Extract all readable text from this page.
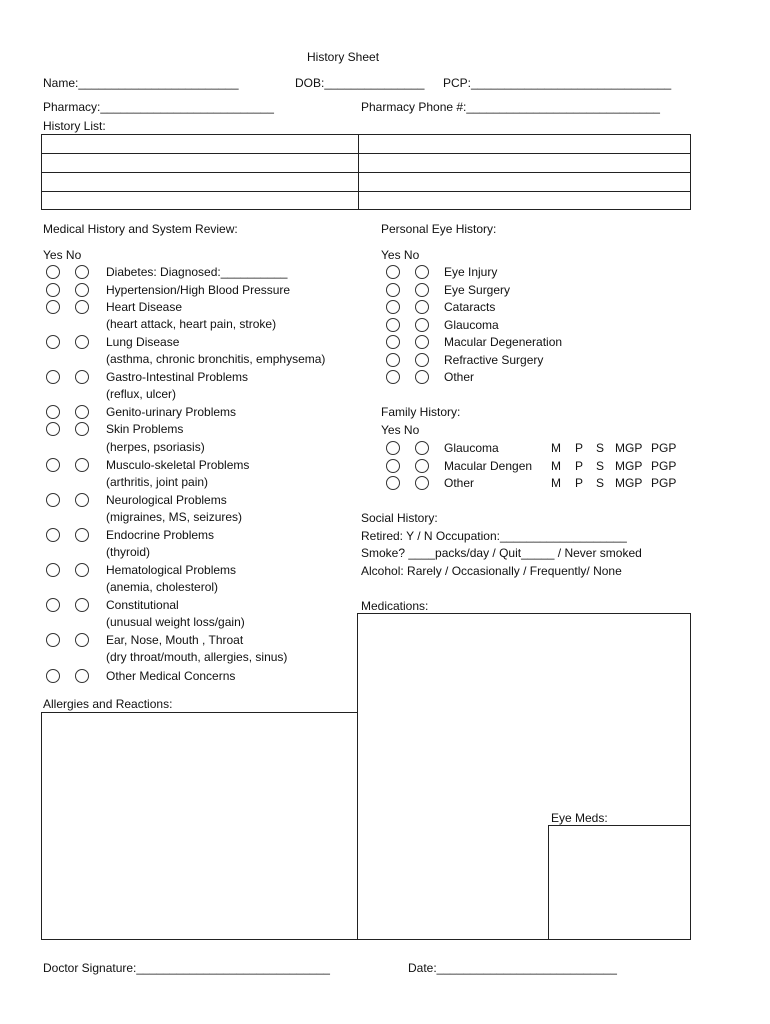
History Sheet
Name:________________________	DOB:_______________ PCP:______________________________
Pharmacy:__________________________	Pharmacy Phone #:_____________________________
History List:
Medical History and System Review:
Yes No
Diabetes: Diagnosed:__________
Hypertension/High Blood Pressure
Heart Disease
(heart attack, heart pain, stroke)
Lung Disease
(asthma, chronic bronchitis, emphysema)
Gastro-Intestinal Problems
(reflux, ulcer)
Genito-urinary Problems
Skin Problems
(herpes, psoriasis)
Musculo-skeletal Problems
(arthritis, joint pain)
Neurological Problems
(migraines, MS, seizures)
Endocrine Problems
(thyroid)
Hematological Problems
(anemia, cholesterol)
Constitutional
(unusual weight loss/gain)
Ear, Nose, Mouth , Throat
(dry throat/mouth, allergies, sinus)
Other Medical Concerns
Personal Eye History:
Yes No
Eye Injury
Eye Surgery
Cataracts
Glaucoma
Macular Degeneration
Refractive Surgery
Other
Family History:
Yes No
Glaucoma	M P S MGP PGP
Macular Dengen M P S MGP PGP
Other	M P S MGP PGP
Social History:
Retired: Y / N Occupation:___________________
Smoke? ____packs/day / Quit_____ / Never smoked
Alcohol: Rarely / Occasionally / Frequently/ None
Medications:
Eye Meds:
Allergies and Reactions:
Doctor Signature:_____________________________	Date:___________________________
